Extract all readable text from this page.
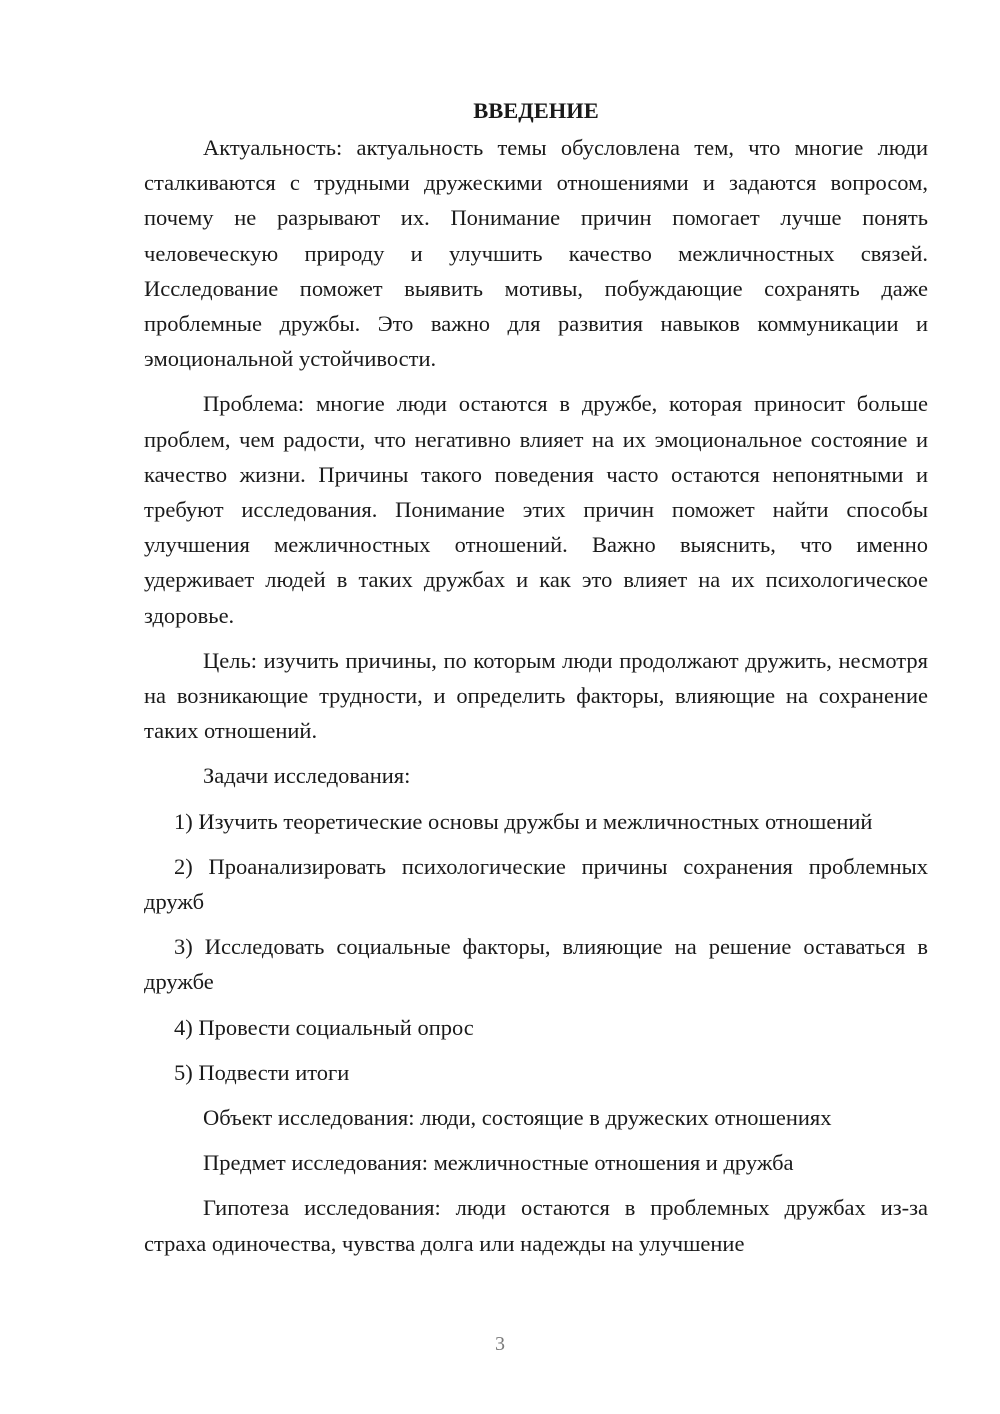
ВВЕДЕНИЕ

Актуальность: актуальность темы обусловлена тем, что многие люди сталкиваются с трудными дружескими отношениями и задаются вопросом, почему не разрывают их. Понимание причин помогает лучше понять человеческую природу и улучшить качество межличностных связей. Исследование поможет выявить мотивы, побуждающие сохранять даже проблемные дружбы. Это важно для развития навыков коммуникации и эмоциональной устойчивости.

Проблема: многие люди остаются в дружбе, которая приносит больше проблем, чем радости, что негативно влияет на их эмоциональное состояние и качество жизни. Причины такого поведения часто остаются непонятными и требуют исследования. Понимание этих причин поможет найти способы улучшения межличностных отношений. Важно выяснить, что именно удерживает людей в таких дружбах и как это влияет на их психологическое здоровье.

Цель: изучить причины, по которым люди продолжают дружить, несмотря на возникающие трудности, и определить факторы, влияющие на сохранение таких отношений.

Задачи исследования:

1) Изучить теоретические основы дружбы и межличностных отношений
2) Проанализировать психологические причины сохранения проблемных дружб
3) Исследовать социальные факторы, влияющие на решение оставаться в дружбе
4) Провести социальный опрос
5) Подвести итоги

Объект исследования: люди, состоящие в дружеских отношениях

Предмет исследования: межличностные отношения и дружба

Гипотеза исследования: люди остаются в проблемных дружбах из-за страха одиночества, чувства долга или надежды на улучшение

3
